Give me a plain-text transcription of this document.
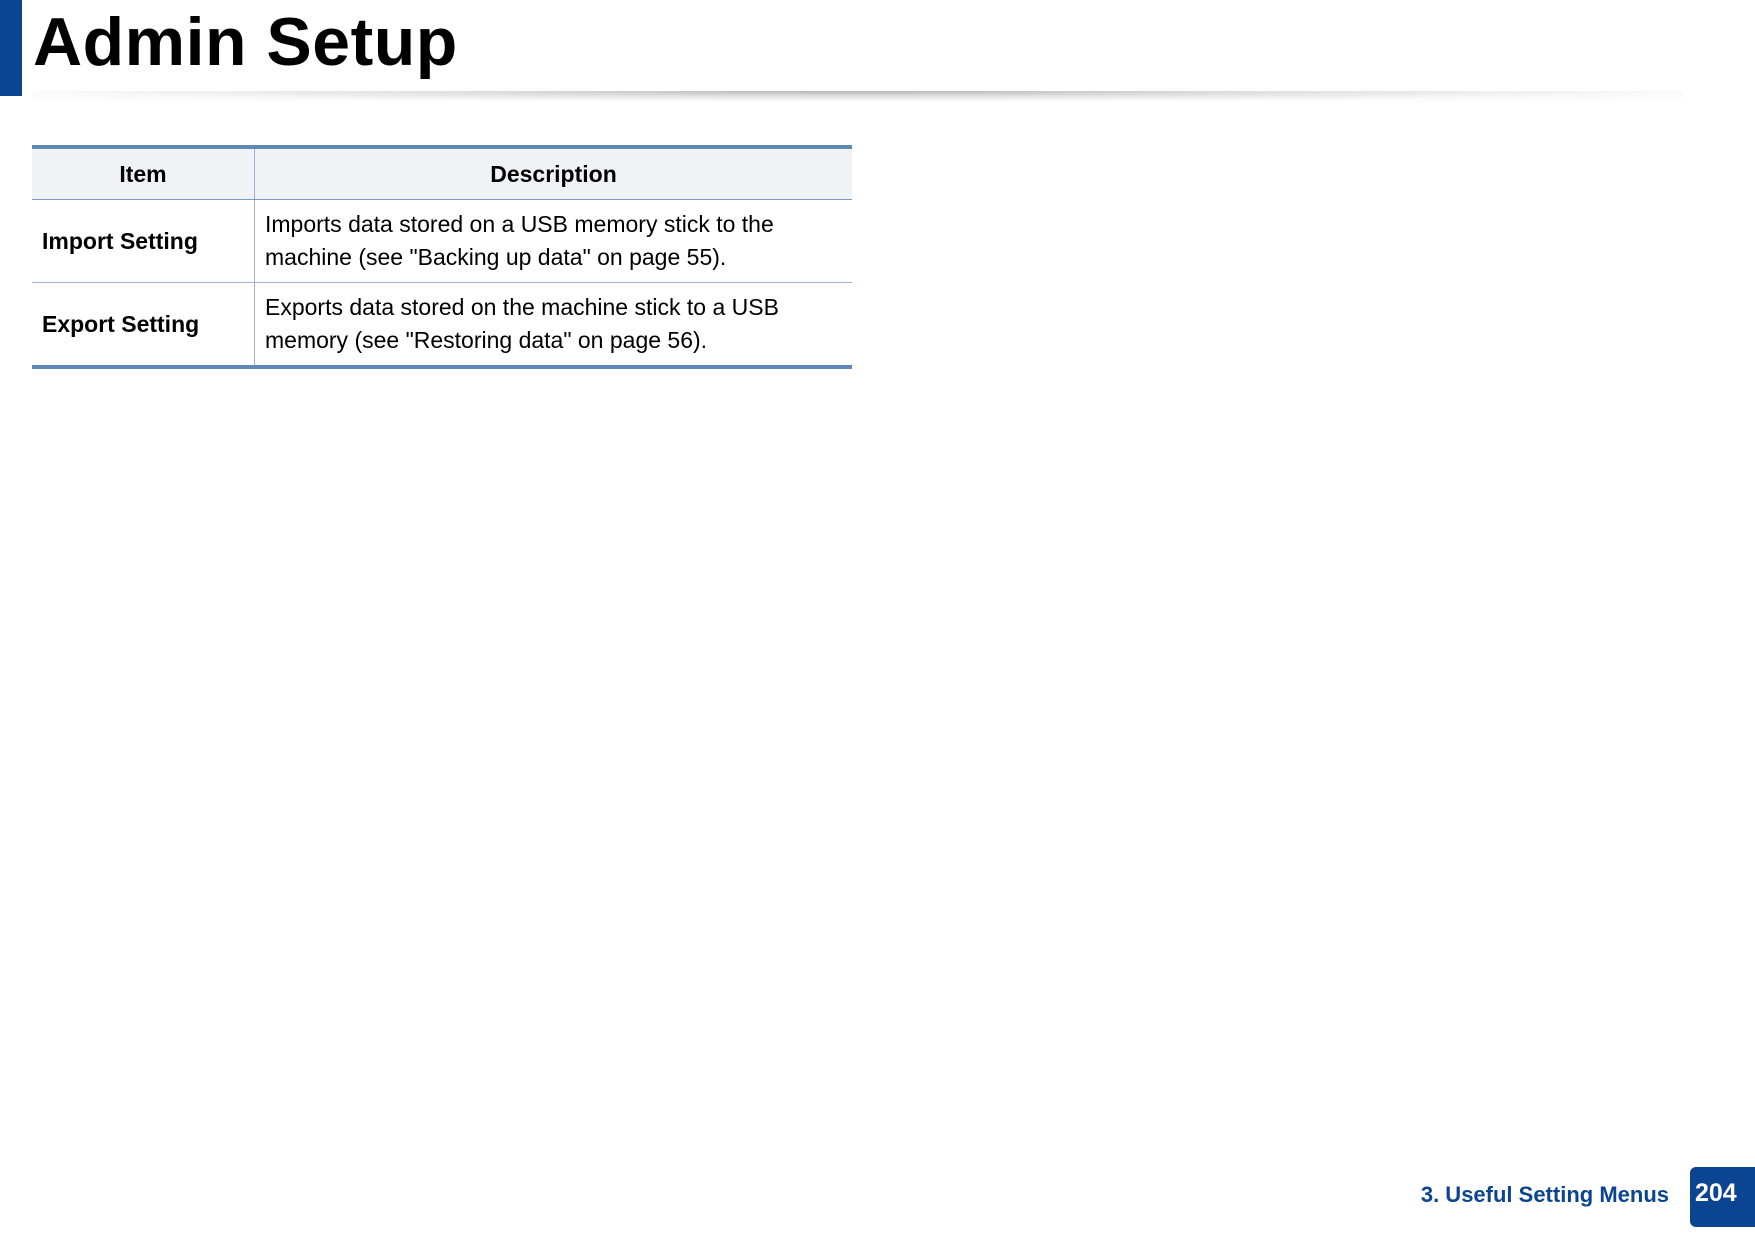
Admin Setup
Item	Description
Import Setting	Imports data stored on a USB memory stick to the machine (see "Backing up data" on page 55).
Export Setting	Exports data stored on the machine stick to a USB memory (see "Restoring data" on page 56).
3. Useful Setting Menus 204
